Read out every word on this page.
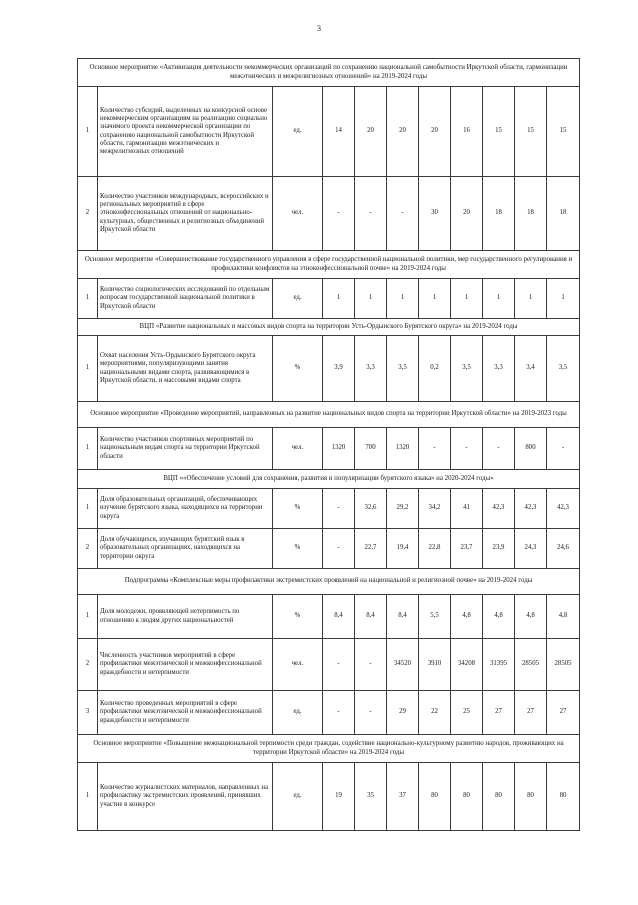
3
Основное мероприятие «Активизация деятельности некоммерческих организаций по сохранению национальной самобытности Иркутской области, гармонизации межэтнических и межрелигиозных отношений» на 2019-2024 годы										
1	Количество субсидий, выделенных на конкурсной основе некоммерческим организациям на реализацию социально значимого проекта некоммерческой организации по сохранению национальной самобытности Иркутской области, гармонизации межэтнических и межрелигиозных отношений	ед.	14	20	20	20	16	15	15	15
2	Количество участников международных, всероссийских и региональных мероприятий в сфере этноконфессиональных отношений от национально-культурных, общественных и религиозных объединений Иркутской области	чел.	-	-	-	30	20	18	18	18
Основное мероприятие «Совершенствование государственного управления в сфере государственной национальной политики, мер государственного регулирования и профилактики конфликтов на этноконфессиональной почве» на 2019-2024 годы										
1	Количество социологических исследований по отдельным вопросам государственной национальной политики в Иркутской области	ед.	1	1	1	1	1	1	1	1
ВЦП «Развитие национальных и массовых видов спорта на территории Усть-Ордынского Бурятского округа» на 2019-2024 годы										
1	Охват населения Усть-Ордынского Бурятского округа мероприятиями, популяризующими занятия национальными видами спорта, развивающимися в Иркутской области, и массовыми видами спорта	%	3,9	3,3	3,5	0,2	3,5	3,3	3,4	3,5
Основное мероприятие «Проведение мероприятий, направленных на развитие национальных видов спорта на территории Иркутской области» на 2019-2023 годы										
1	Количество участников спортивных мероприятий по национальным видам спорта на территории Иркутской области	чел.	1320	700	1320	-	-	-	800	-
ВЦП ««Обеспечение условий для сохранения, развития и популяризации бурятского языка» на 2020-2024 годы»										
1	Доля образовательных организаций, обеспечивающих изучение бурятского языка, находящихся на территории округа	%	-	32,6	29,2	34,2	41	42,3	42,3	42,3
2	Доля обучающихся, изучающих бурятский язык в образовательных организациях, находящихся на территории округа	%	-	22,7	19,4	22,8	23,7	23,9	24,3	24,6
Подпрограмма «Комплексные меры профилактики экстремистских проявлений на национальной и религиозной почве» на 2019-2024 годы										
1	Доля молодежи, проявляющей нетерпимость по отношению к людям других национальностей	%	8,4	8,4	8,4	5,5	4,8	4,8	4,8	4,8
2	Численность участников мероприятий в сфере профилактики межэтнической и межконфессиональной враждебности и нетерпимости	чел.	-	-	34520	3910	34208	31395	28505	28505
3	Количество проведенных мероприятий в сфере профилактики межэтнической и межконфессиональной враждебности и нетерпимости	ед.	-	-	29	22	25	27	27	27
Основное мероприятие «Повышение межнациональной терпимости среди граждан, содействие национально-культурному развитию народов, проживающих на территории Иркутской области» на 2019-2024 годы										
1	Количество журналистских материалов, направленных на профилактику экстремистских проявлений, принявших участие в конкурсе	ед.	19	35	37	80	80	80	80	80
